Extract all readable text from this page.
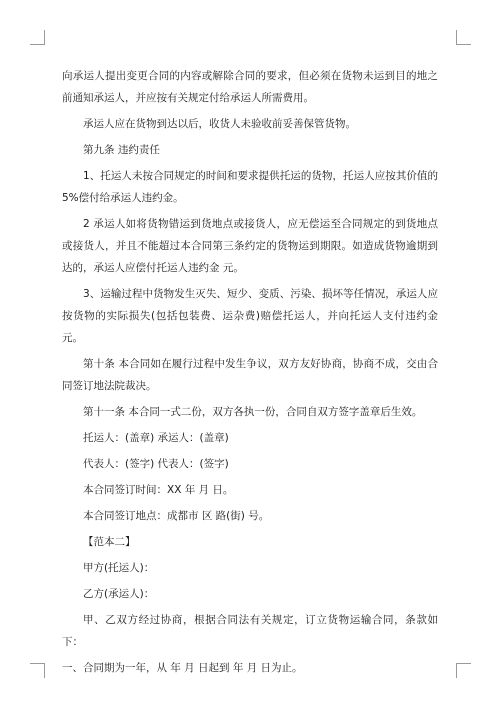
向承运人提出变更合同的内容或解除合同的要求，但必须在货物未运到目的地之前通知承运人，并应按有关规定付给承运人所需费用。

承运人应在货物到达以后，收货人未验收前妥善保管货物。

第九条 违约责任

1、托运人未按合同规定的时间和要求提供托运的货物，托运人应按其价值的 5%偿付给承运人违约金。

2 承运人如将货物错运到货地点或接货人，应无偿运至合同规定的到货地点或接货人，并且不能超过本合同第三条约定的货物运到期限。如造成货物逾期到达的，承运人应偿付托运人违约金 元。

3、运输过程中货物发生灭失、短少、变质、污染、损坏等任情况，承运人应按货物的实际损失(包括包装费、运杂费)赔偿托运人，并向托运人支付违约金 元。

第十条 本合同如在履行过程中发生争议，双方友好协商，协商不成，交由合同签订地法院裁决。

第十一条 本合同一式二份，双方各执一份，合同自双方签字盖章后生效。

托运人：(盖章) 承运人：(盖章)

代表人：(签字) 代表人：(签字)

本合同签订时间：XX 年 月 日。

本合同签订地点：成都市 区 路(街) 号。

【范本二】

甲方(托运人)：

乙方(承运人)：

甲、乙双方经过协商，根据合同法有关规定，订立货物运输合同，条款如下：

一、合同期为一年，从 年 月 日起到 年 月 日为止。
